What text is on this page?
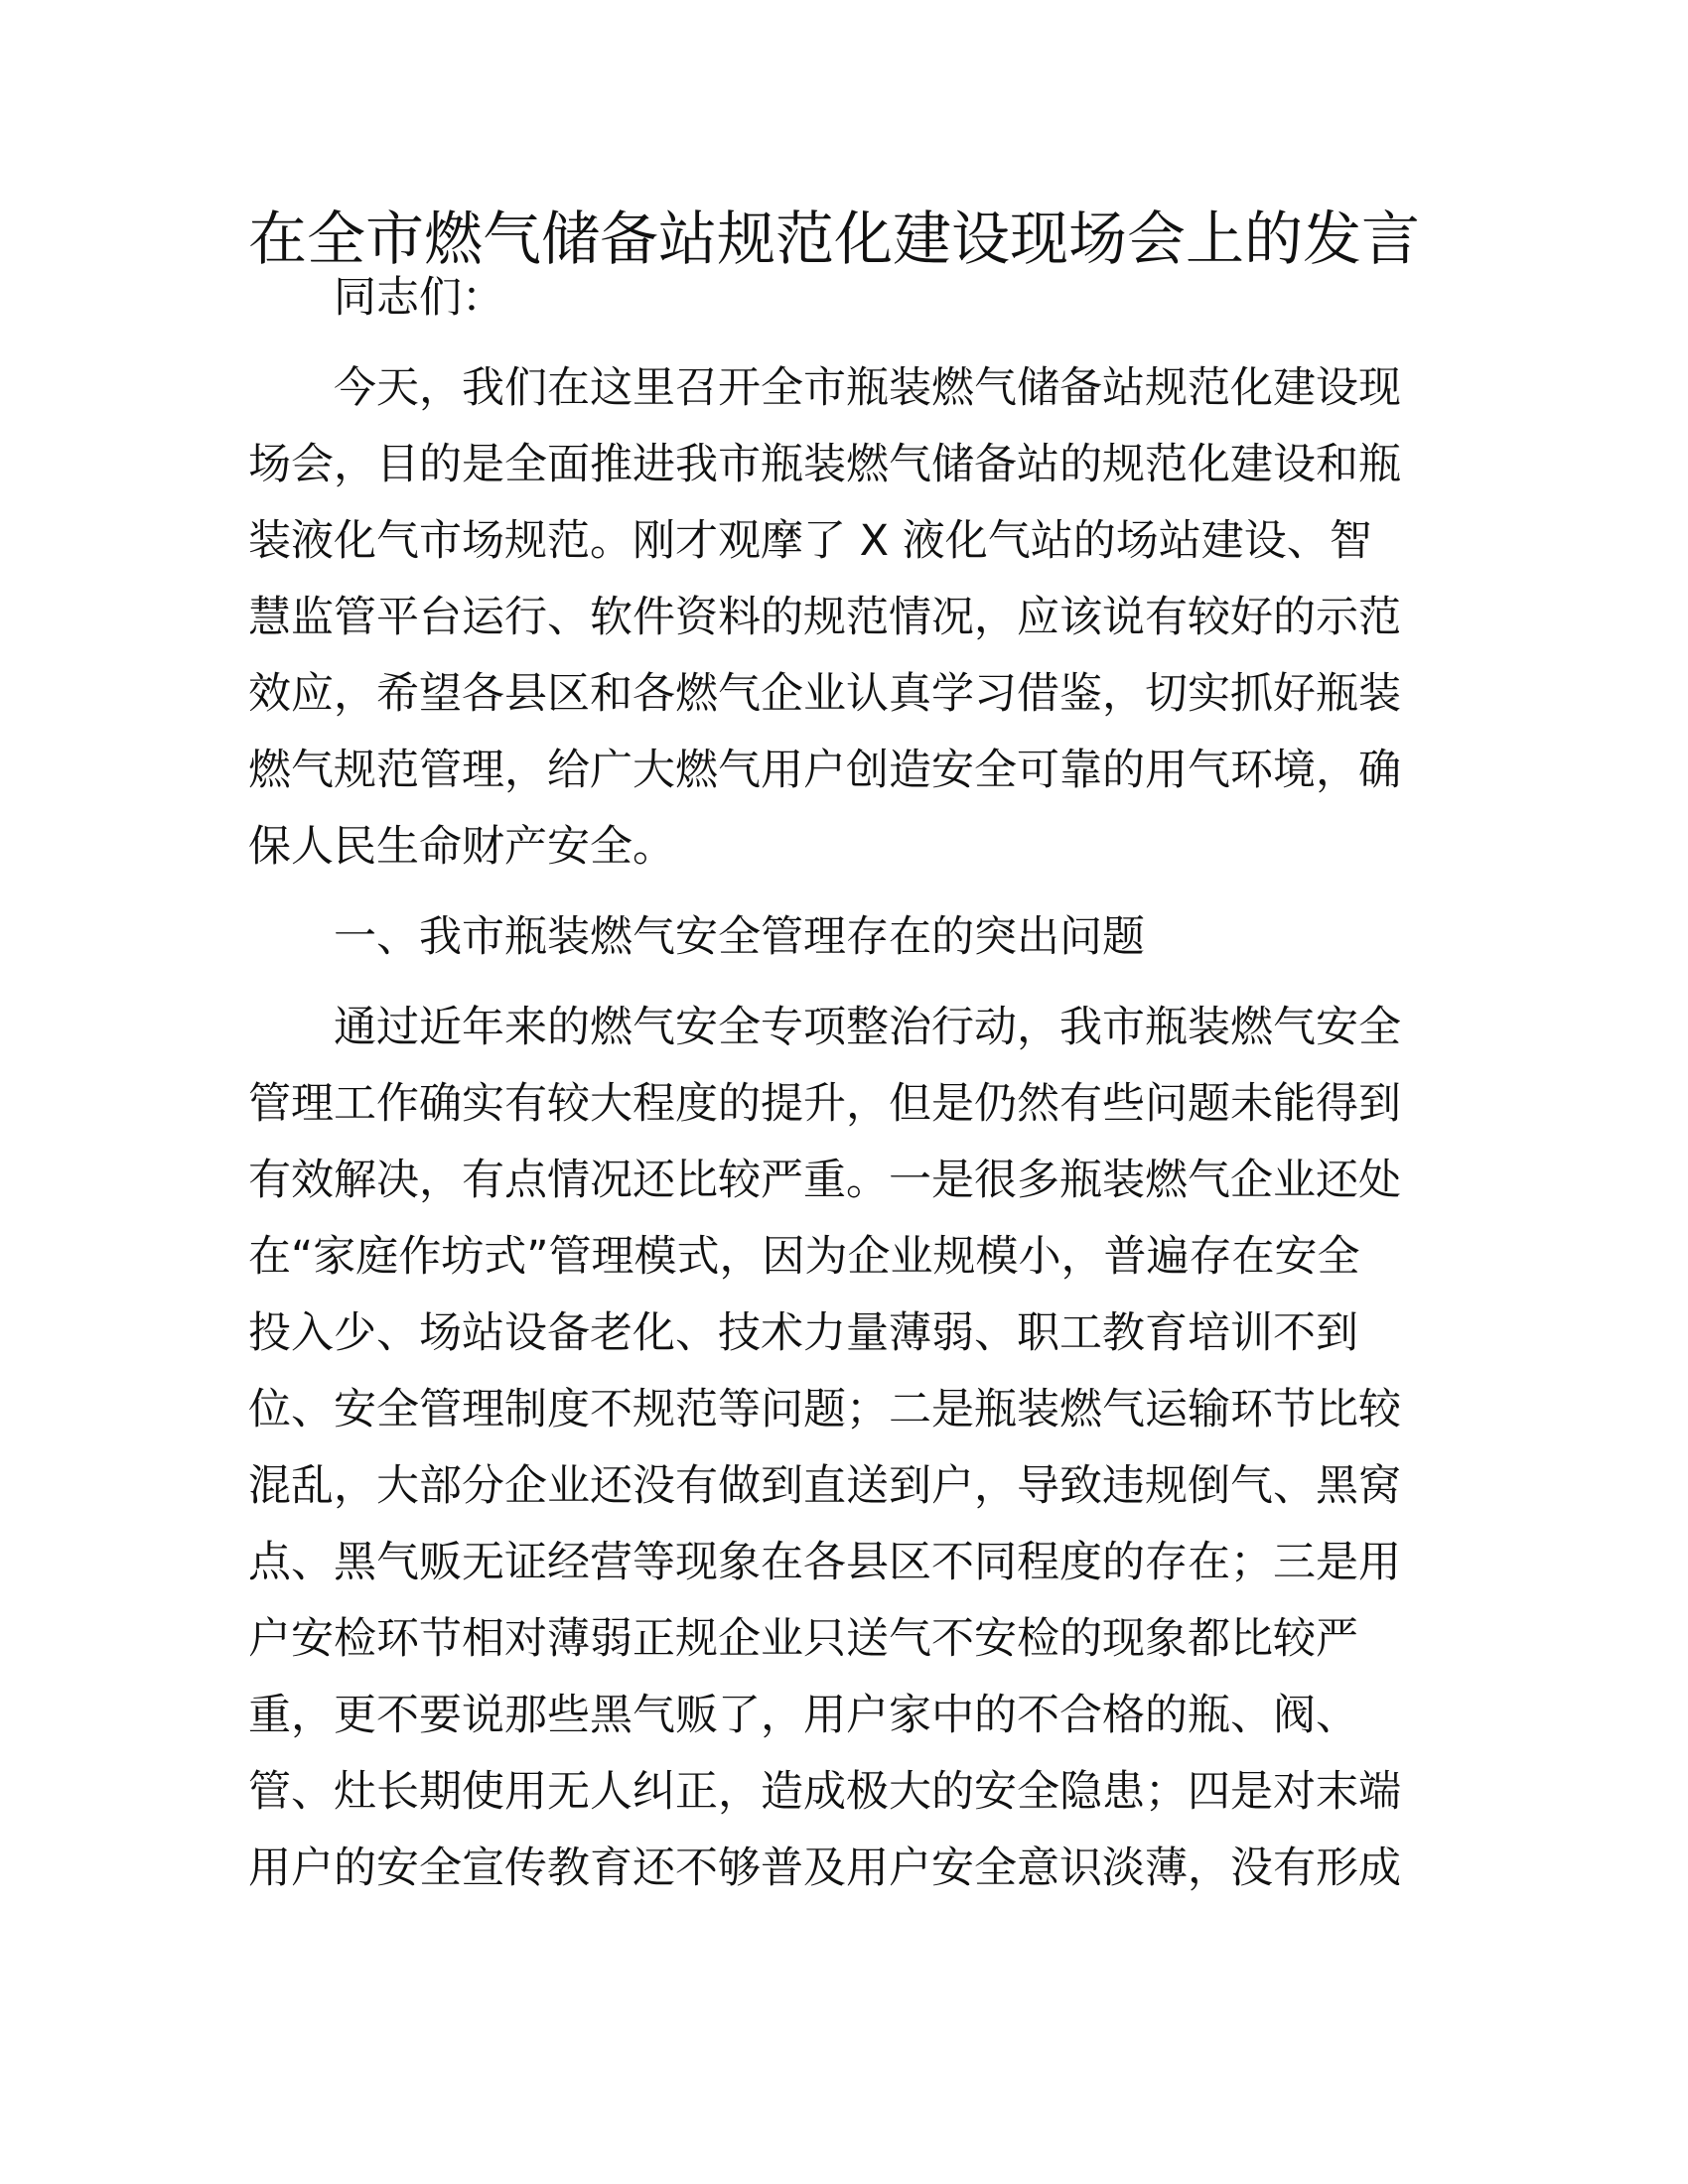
在全市燃气储备站规范化建设现场会上的发言

同志们：

今天，我们在这里召开全市瓶装燃气储备站规范化建设现
场会，目的是全面推进我市瓶装燃气储备站的规范化建设和瓶
装液化气市场规范。刚才观摩了 X 液化气站的场站建设、智
慧监管平台运行、软件资料的规范情况，应该说有较好的示范
效应，希望各县区和各燃气企业认真学习借鉴，切实抓好瓶装
燃气规范管理，给广大燃气用户创造安全可靠的用气环境，确
保人民生命财产安全。

一、我市瓶装燃气安全管理存在的突出问题

通过近年来的燃气安全专项整治行动，我市瓶装燃气安全
管理工作确实有较大程度的提升，但是仍然有些问题未能得到
有效解决，有点情况还比较严重。一是很多瓶装燃气企业还处
在“家庭作坊式”管理模式，因为企业规模小，普遍存在安全
投入少、场站设备老化、技术力量薄弱、职工教育培训不到
位、安全管理制度不规范等问题；二是瓶装燃气运输环节比较
混乱，大部分企业还没有做到直送到户，导致违规倒气、黑窝
点、黑气贩无证经营等现象在各县区不同程度的存在；三是用
户安检环节相对薄弱正规企业只送气不安检的现象都比较严
重，更不要说那些黑气贩了，用户家中的不合格的瓶、阀、
管、灶长期使用无人纠正，造成极大的安全隐患；四是对末端
用户的安全宣传教育还不够普及用户安全意识淡薄，没有形成
